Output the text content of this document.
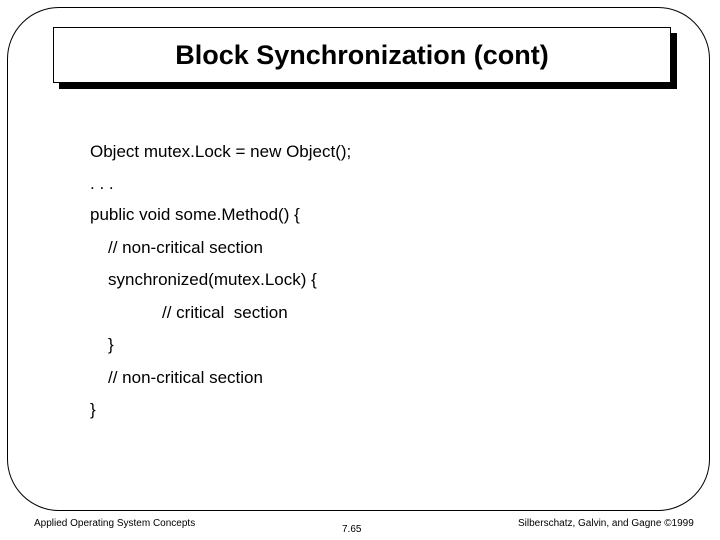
Block Synchronization (cont)
Object mutex.Lock = new Object();
. . .
public void some.Method() {
// non-critical section
synchronized(mutex.Lock) {
// critical  section
}
// non-critical section
}
Applied Operating System Concepts
7.65
Silberschatz, Galvin, and Gagne ©1999
